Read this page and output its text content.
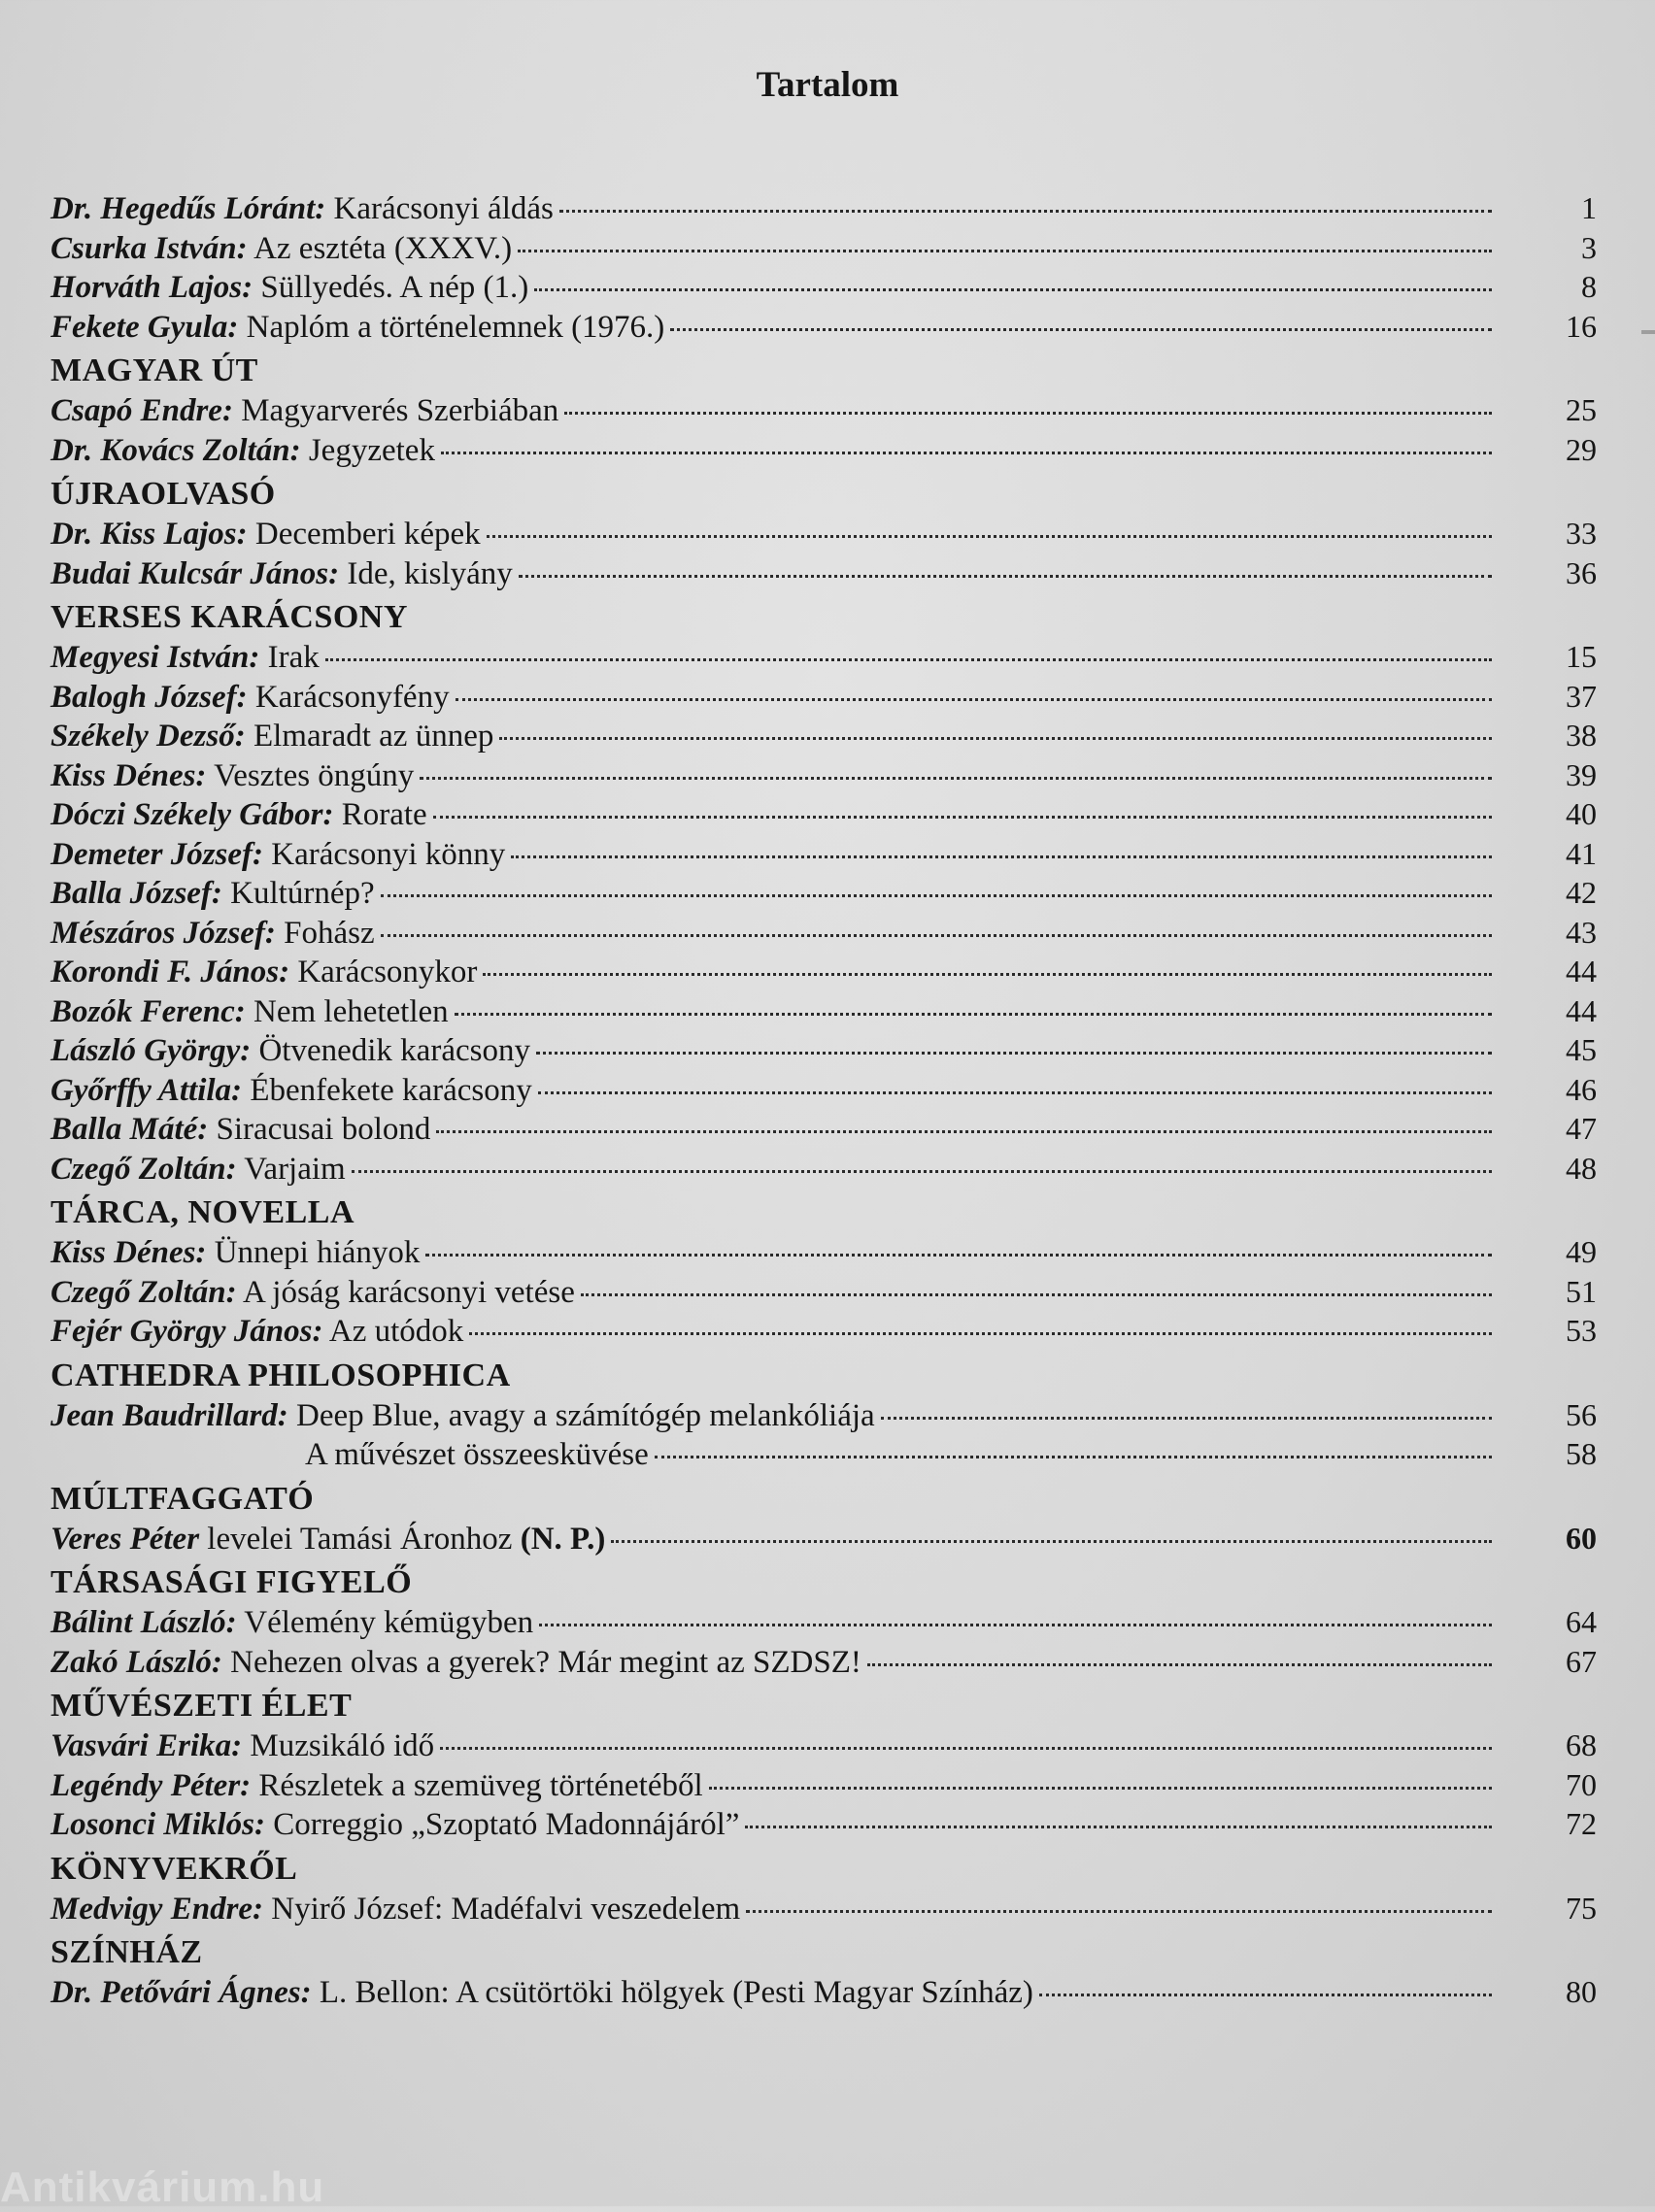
Tartalom
Dr. Hegedűs Lóránt: Karácsonyi áldás	1
Csurka István: Az esztéta (XXXV.)	3
Horváth Lajos: Süllyedés. A nép (1.)	8
Fekete Gyula: Naplóm a történelemnek (1976.)	16
MAGYAR ÚT
Csapó Endre: Magyarverés Szerbiában	25
Dr. Kovács Zoltán: Jegyzetek	29
ÚJRAOLVASÓ
Dr. Kiss Lajos: Decemberi képek	33
Budai Kulcsár János: Ide, kislyány	36
VERSES KARÁCSONY
Megyesi István: Irak	15
Balogh József: Karácsonyfény	37
Székely Dezső: Elmaradt az ünnep	38
Kiss Dénes: Vesztes öngúny	39
Dóczi Székely Gábor: Rorate	40
Demeter József: Karácsonyi könny	41
Balla József: Kultúrnép?	42
Mészáros József: Fohász	43
Korondi F. János: Karácsonykor	44
Bozók Ferenc: Nem lehetetlen	44
László György: Ötvenedik karácsony	45
Győrffy Attila: Ébenfekete karácsony	46
Balla Máté: Siracusai bolond	47
Czegő Zoltán: Varjaim	48
TÁRCA, NOVELLA
Kiss Dénes: Ünnepi hiányok	49
Czegő Zoltán: A jóság karácsonyi vetése	51
Fejér György János: Az utódok	53
CATHEDRA PHILOSOPHICA
Jean Baudrillard: Deep Blue, avagy a számítógép melankóliája	56
A művészet összeesküvése	58
MÚLTFAGGATÓ
Veres Péter levelei Tamási Áronhoz (N. P.)	60
TÁRSASÁGI FIGYELŐ
Bálint László: Vélemény kémügyben	64
Zakó László: Nehezen olvas a gyerek? Már megint az SZDSZ!	67
MŰVÉSZETI ÉLET
Vasvári Erika: Muzsikáló idő	68
Legéndy Péter: Részletek a szemüveg történetéből	70
Losonci Miklós: Correggio „Szoptató Madonnájáról”	72
KÖNYVEKRŐL
Medvigy Endre: Nyirő József: Madéfalvi veszedelem	75
SZÍNHÁZ
Dr. Petővári Ágnes: L. Bellon: A csütörtöki hölgyek (Pesti Magyar Színház)	80
Antikvárium.hu
